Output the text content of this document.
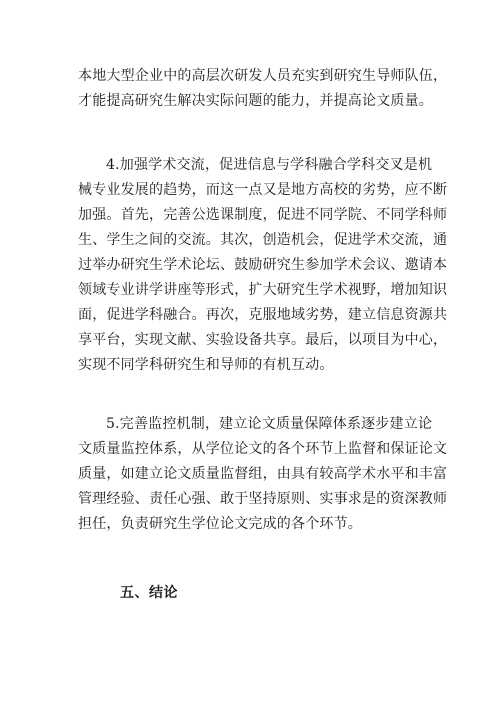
本地大型企业中的高层次研发人员充实到研究生导师队伍，
才能提高研究生解决实际问题的能力，并提高论文质量。

4.加强学术交流，促进信息与学科融合学科交叉是机
械专业发展的趋势，而这一点又是地方高校的劣势，应不断
加强。首先，完善公选课制度，促进不同学院、不同学科师
生、学生之间的交流。其次，创造机会，促进学术交流，通
过举办研究生学术论坛、鼓励研究生参加学术会议、邀请本
领域专业讲学讲座等形式，扩大研究生学术视野，增加知识
面，促进学科融合。再次，克服地域劣势，建立信息资源共
享平台，实现文献、实验设备共享。最后，以项目为中心，
实现不同学科研究生和导师的有机互动。

5.完善监控机制，建立论文质量保障体系逐步建立论
文质量监控体系，从学位论文的各个环节上监督和保证论文
质量，如建立论文质量监督组，由具有较高学术水平和丰富
管理经验、责任心强、敢于坚持原则、实事求是的资深教师
担任，负责研究生学位论文完成的各个环节。

五、结论
